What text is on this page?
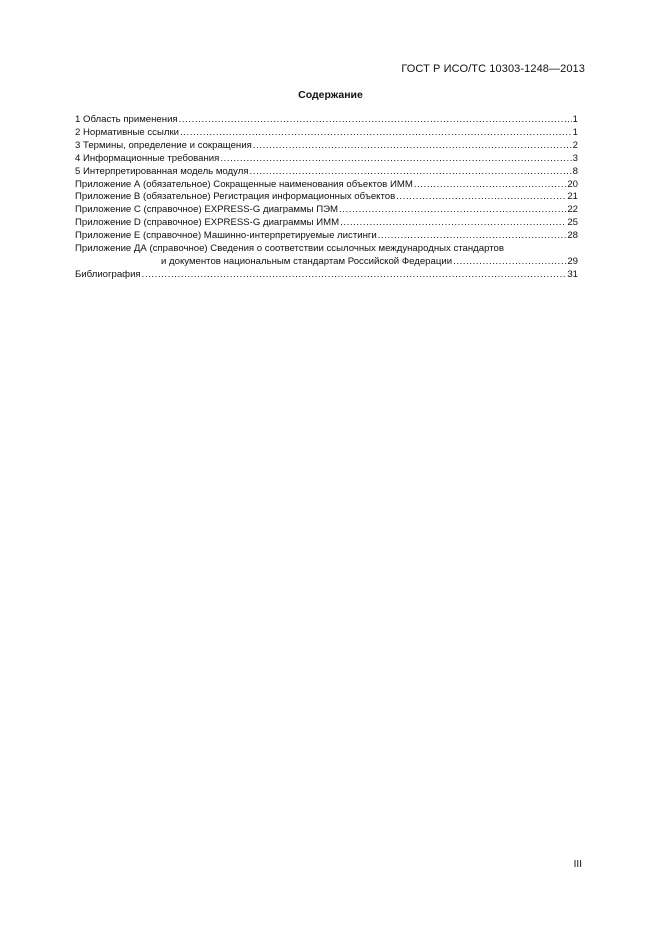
ГОСТ Р ИСО/ТС 10303-1248—2013
Содержание
1 Область применения .....	1
2 Нормативные ссылки .....	1
3 Термины, определение и сокращения .....	2
4 Информационные требования .....	3
5 Интерпретированная модель модуля .....	8
Приложение А (обязательное) Сокращенные наименования объектов ИММ .....	20
Приложение В (обязательное) Регистрация информационных объектов .....	21
Приложение С (справочное) EXPRESS-G диаграммы ПЭМ .....	22
Приложение D (справочное) EXPRESS-G диаграммы ИММ .....	25
Приложение Е (справочное) Машинно-интерпретируемые листинги .....	28
Приложение ДА (справочное) Сведения о соответствии ссылочных международных стандартов
и документов национальным стандартам Российской Федерации .....	29
Библиография .....	31
III
